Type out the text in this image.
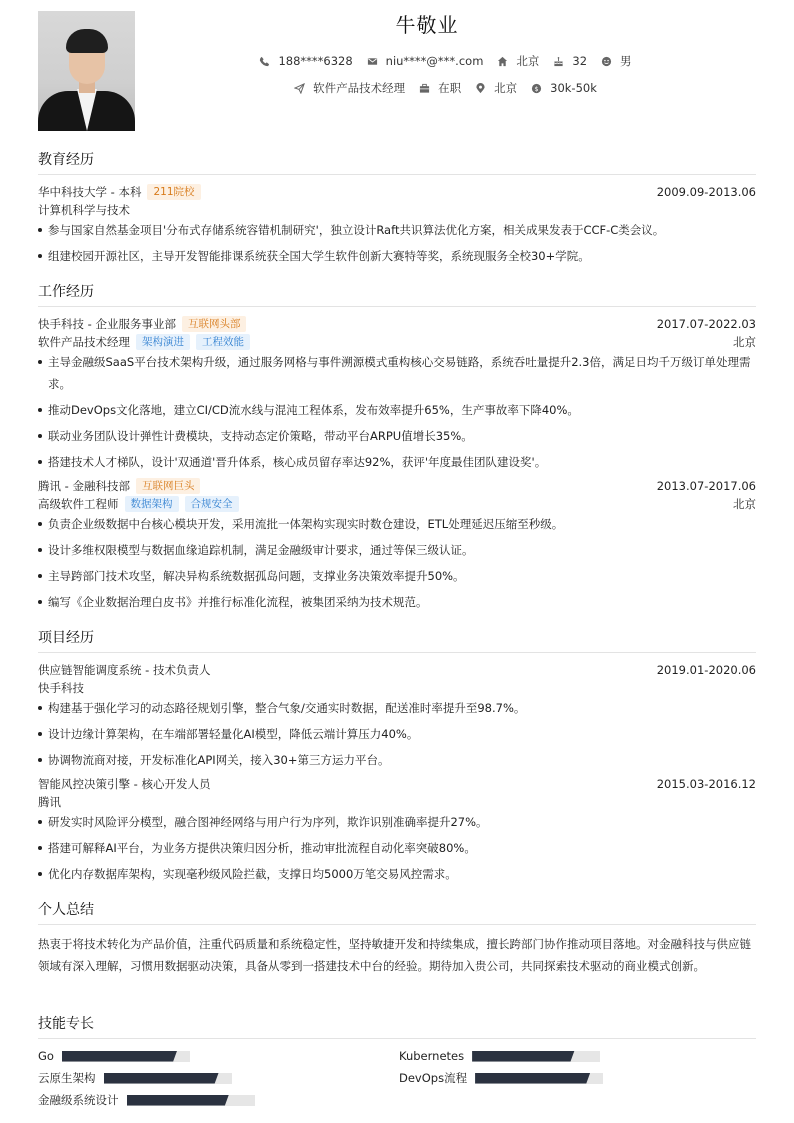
牛敬业
188****6328	niu****@***.com	北京	32	男
软件产品技术经理	在职	北京 $ 30k-50k
教育经历
华中科技大学 - 本科	211院校	2009.09-2013.06
计算机科学与技术
参与国家自然基金项目'分布式存储系统容错机制研究'，独立设计Raft共识算法优化方案，相关成果发表于CCF-C类会议。
组建校园开源社区，主导开发智能排课系统获全国大学生软件创新大赛特等奖，系统现服务全校30+学院。
工作经历
快手科技 - 企业服务事业部	互联网头部	2017.07-2022.03
软件产品技术经理	架构演进	工程效能	北京
主导金融级SaaS平台技术架构升级，通过服务网格与事件溯源模式重构核心交易链路，系统吞吐量提升2.3倍，满足日均千万级订单处理需求。
推动DevOps文化落地，建立CI/CD流水线与混沌工程体系，发布效率提升65%，生产事故率下降40%。
联动业务团队设计弹性计费模块，支持动态定价策略，带动平台ARPU值增长35%。
搭建技术人才梯队，设计'双通道'晋升体系，核心成员留存率达92%，获评'年度最佳团队建设奖'。
腾讯 - 金融科技部	互联网巨头	2013.07-2017.06
高级软件工程师	数据架构	合规安全	北京
负责企业级数据中台核心模块开发，采用流批一体架构实现实时数仓建设，ETL处理延迟压缩至秒级。
设计多维权限模型与数据血缘追踪机制，满足金融级审计要求，通过等保三级认证。
主导跨部门技术攻坚，解决异构系统数据孤岛问题，支撑业务决策效率提升50%。
编写《企业数据治理白皮书》并推行标准化流程，被集团采纳为技术规范。
项目经历
供应链智能调度系统 - 技术负责人	2019.01-2020.06
快手科技
构建基于强化学习的动态路径规划引擎，整合气象/交通实时数据，配送准时率提升至98.7%。
设计边缘计算架构，在车端部署轻量化AI模型，降低云端计算压力40%。
协调物流商对接，开发标准化API网关，接入30+第三方运力平台。
智能风控决策引擎 - 核心开发人员	2015.03-2016.12
腾讯
研发实时风险评分模型，融合图神经网络与用户行为序列，欺诈识别准确率提升27%。
搭建可解释AI平台，为业务方提供决策归因分析，推动审批流程自动化率突破80%。
优化内存数据库架构，实现毫秒级风险拦截，支撑日均5000万笔交易风控需求。
个人总结
热衷于将技术转化为产品价值，注重代码质量和系统稳定性，坚持敏捷开发和持续集成，擅长跨部门协作推动项目落地。对金融科技与供应链领域有深入理解，习惯用数据驱动决策，具备从零到一搭建技术中台的经验。期待加入贵公司，共同探索技术驱动的商业模式创新。
技能专长
Go	Kubernetes
云原生架构	DevOps流程
金融级系统设计
